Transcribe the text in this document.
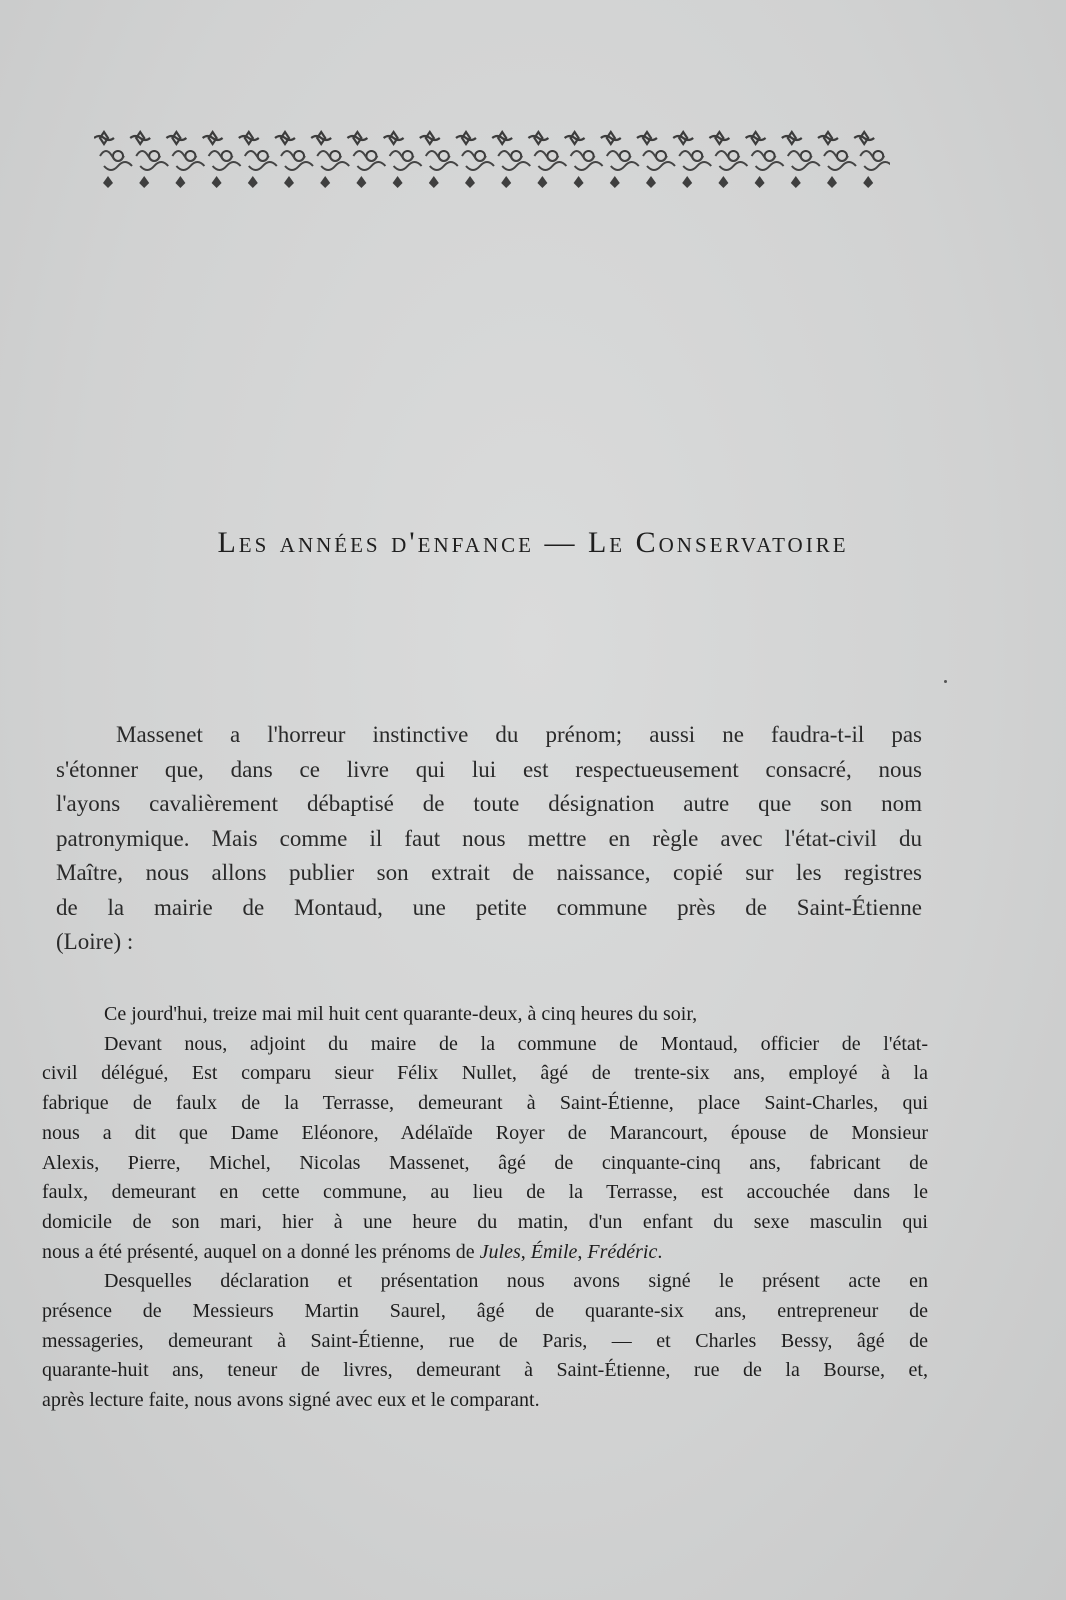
Les années d'enfance — Le Conservatoire
Massenet a l'horreur instinctive du prénom; aussi ne faudra-t-il pas
s'étonner que, dans ce livre qui lui est respectueusement consacré, nous
l'ayons cavalièrement débaptisé de toute désignation autre que son nom
patronymique. Mais comme il faut nous mettre en règle avec l'état-civil du
Maître, nous allons publier son extrait de naissance, copié sur les registres
de la mairie de Montaud, une petite commune près de Saint-Étienne
(Loire) :
Ce jourd'hui, treize mai mil huit cent quarante-deux, à cinq heures du soir,
Devant nous, adjoint du maire de la commune de Montaud, officier de l'état-
civil délégué, Est comparu sieur Félix Nullet, âgé de trente-six ans, employé à la
fabrique de faulx de la Terrasse, demeurant à Saint-Étienne, place Saint-Charles, qui
nous a dit que Dame Eléonore, Adélaïde Royer de Marancourt, épouse de Monsieur
Alexis, Pierre, Michel, Nicolas Massenet, âgé de cinquante-cinq ans, fabricant de
faulx, demeurant en cette commune, au lieu de la Terrasse, est accouchée dans le
domicile de son mari, hier à une heure du matin, d'un enfant du sexe masculin qui
nous a été présenté, auquel on a donné les prénoms de Jules, Émile, Frédéric.
Desquelles déclaration et présentation nous avons signé le présent acte en
présence de Messieurs Martin Saurel, âgé de quarante-six ans, entrepreneur de
messageries, demeurant à Saint-Étienne, rue de Paris, — et Charles Bessy, âgé de
quarante-huit ans, teneur de livres, demeurant à Saint-Étienne, rue de la Bourse, et,
après lecture faite, nous avons signé avec eux et le comparant.
